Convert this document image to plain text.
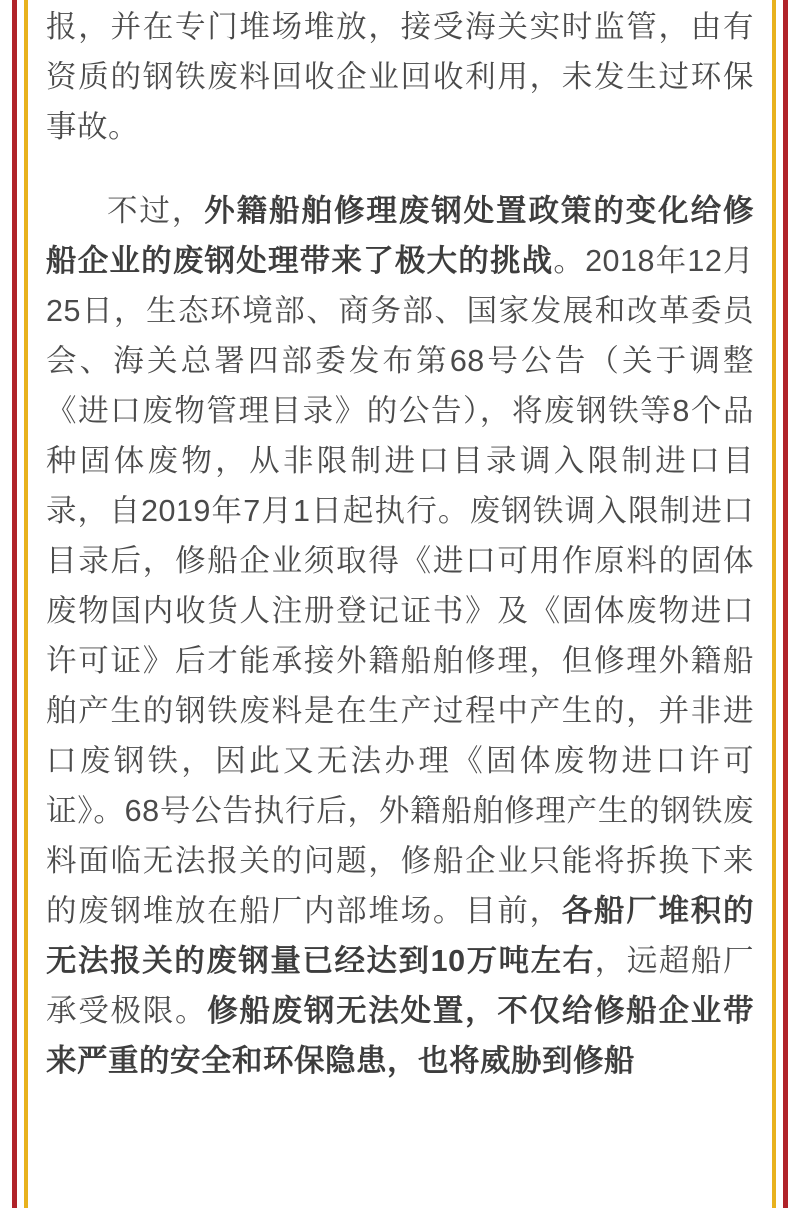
报，并在专门堆场堆放，接受海关实时监管，由有资质的钢铁废料回收企业回收利用，未发生过环保事故。

不过，外籍船舶修理废钢处置政策的变化给修船企业的废钢处理带来了极大的挑战。2018年12月25日，生态环境部、商务部、国家发展和改革委员会、海关总署四部委发布第68号公告（关于调整《进口废物管理目录》的公告），将废钢铁等8个品种固体废物，从非限制进口目录调入限制进口目录，自2019年7月1日起执行。废钢铁调入限制进口目录后，修船企业须取得《进口可用作原料的固体废物国内收货人注册登记证书》及《固体废物进口许可证》后才能承接外籍船舶修理，但修理外籍船舶产生的钢铁废料是在生产过程中产生的，并非进口废钢铁，因此又无法办理《固体废物进口许可证》。68号公告执行后，外籍船舶修理产生的钢铁废料面临无法报关的问题，修船企业只能将拆换下来的废钢堆放在船厂内部堆场。目前，各船厂堆积的无法报关的废钢量已经达到10万吨左右，远超船厂承受极限。修船废钢无法处置，不仅给修船企业带来严重的安全和环保隐患，也将威胁到修船
